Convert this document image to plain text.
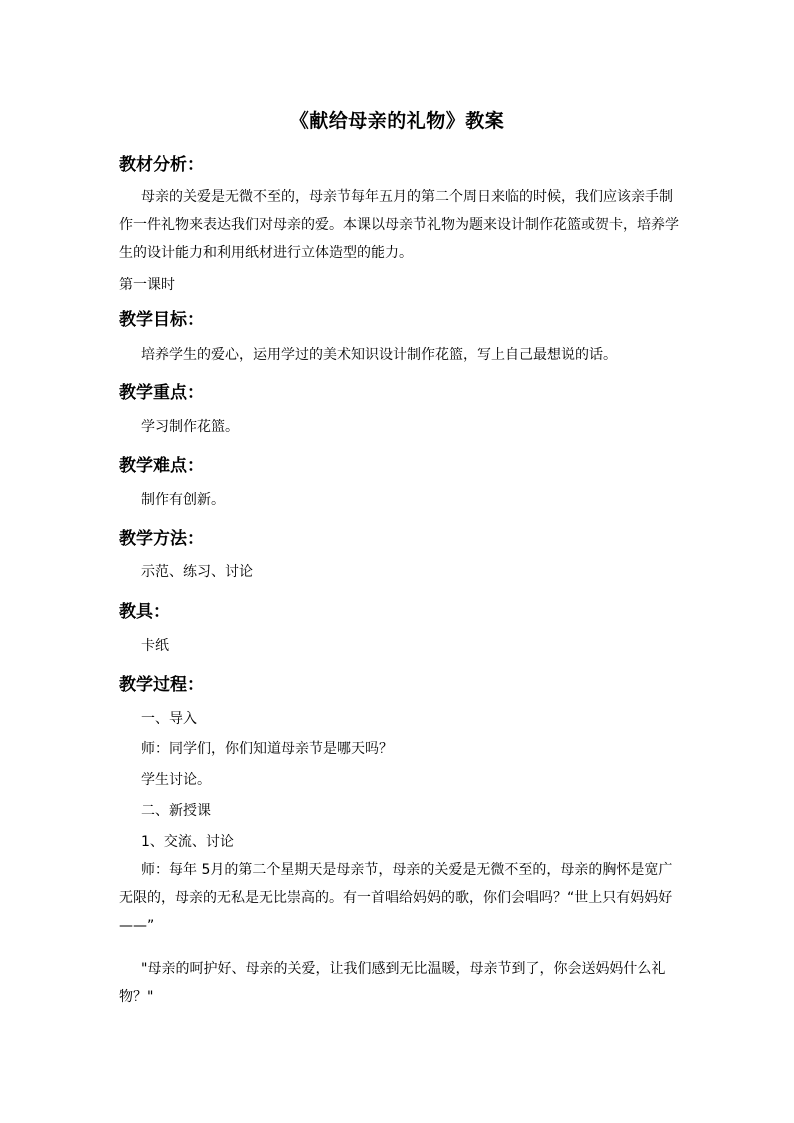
《献给母亲的礼物》教案
教材分析：
母亲的关爱是无微不至的，母亲节每年五月的第二个周日来临的时候，我们应该亲手制作一件礼物来表达我们对母亲的爱。本课以母亲节礼物为题来设计制作花篮或贺卡，培养学生的设计能力和利用纸材进行立体造型的能力。
第一课时
教学目标：
培养学生的爱心，运用学过的美术知识设计制作花篮，写上自己最想说的话。
教学重点：
学习制作花篮。
教学难点：
制作有创新。
教学方法：
示范、练习、讨论
教具：
卡纸
教学过程：
一、导入
师：同学们，你们知道母亲节是哪天吗？
学生讨论。
二、新授课
1、交流、讨论
师：每年 5月的第二个星期天是母亲节，母亲的关爱是无微不至的，母亲的胸怀是宽广无限的，母亲的无私是无比崇高的。有一首唱给妈妈的歌，你们会唱吗？“世上只有妈妈好——”
"母亲的呵护好、母亲的关爱，让我们感到无比温暖，母亲节到了，你会送妈妈什么礼物？"
